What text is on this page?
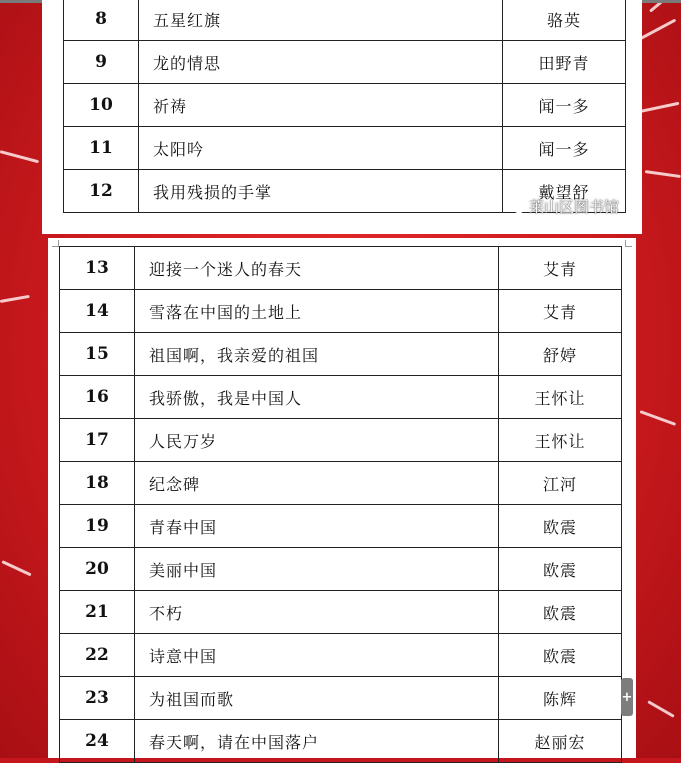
8	五星红旗	骆英
9	龙的情思	田野青
10	祈祷	闻一多
11	太阳吟	闻一多
12	我用残损的手掌	戴望舒
莱山区图书馆
13	迎接一个迷人的春天	艾青
14	雪落在中国的土地上	艾青
15	祖国啊，我亲爱的祖国	舒婷
16	我骄傲，我是中国人	王怀让
17	人民万岁	王怀让
18	纪念碑	江河
19	青春中国	欧震
20	美丽中国	欧震
21	不朽	欧震
22	诗意中国	欧震
23	为祖国而歌	陈辉
24	春天啊，请在中国落户	赵丽宏
+
